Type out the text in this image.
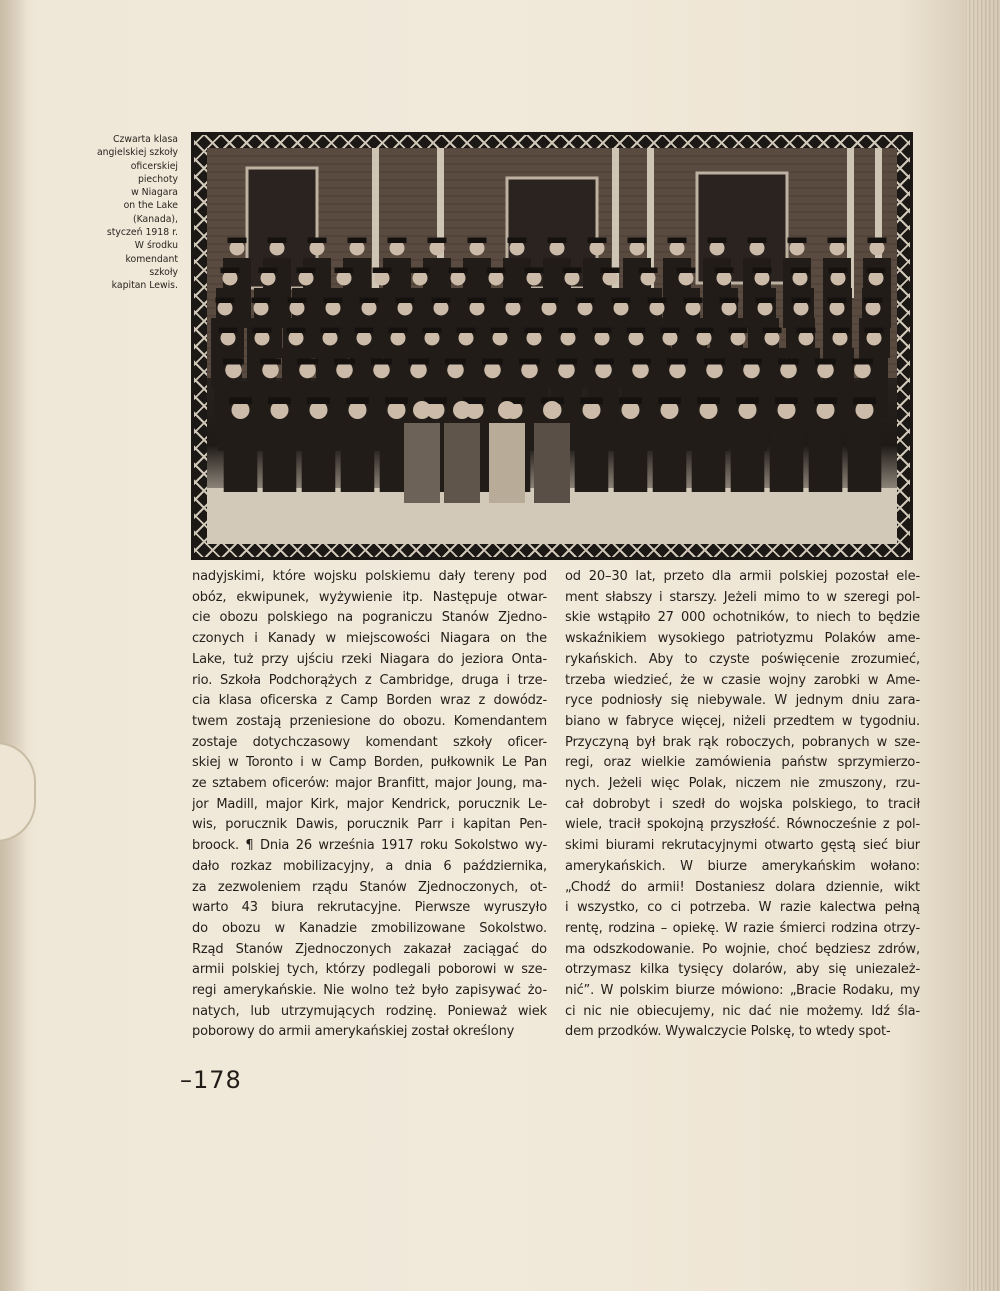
Czwarta klasa
angielskiej szkoły
oficerskiej
piechoty
w Niagara
on the Lake
(Kanada),
styczeń 1918 r.
W środku
komendant
szkoły
kapitan Lewis.
nadyjskimi, które wojsku polskiemu dały tereny pod
obóz, ekwipunek, wyżywienie itp. Następuje otwar-
cie obozu polskiego na pograniczu Stanów Zjedno-
czonych i Kanady w miejscowości Niagara on the
Lake, tuż przy ujściu rzeki Niagara do jeziora Onta-
rio. Szkoła Podchorążych z Cambridge, druga i trze-
cia klasa oficerska z Camp Borden wraz z dowódz-
twem zostają przeniesione do obozu. Komendantem
zostaje dotychczasowy komendant szkoły oficer-
skiej w Toronto i w Camp Borden, pułkownik Le Pan
ze sztabem oficerów: major Branfitt, major Joung, ma-
jor Madill, major Kirk, major Kendrick, porucznik Le-
wis, porucznik Dawis, porucznik Parr i kapitan Pen-
broock. ¶ Dnia 26 września 1917 roku Sokolstwo wy-
dało rozkaz mobilizacyjny, a dnia 6 października,
za zezwoleniem rządu Stanów Zjednoczonych, ot-
warto 43 biura rekrutacyjne. Pierwsze wyruszyło
do obozu w Kanadzie zmobilizowane Sokolstwo.
Rząd Stanów Zjednoczonych zakazał zaciągać do
armii polskiej tych, którzy podlegali poborowi w sze-
regi amerykańskie. Nie wolno też było zapisywać żo-
natych, lub utrzymujących rodzinę. Ponieważ wiek
poborowy do armii amerykańskiej został określony
od 20–30 lat, przeto dla armii polskiej pozostał ele-
ment słabszy i starszy. Jeżeli mimo to w szeregi pol-
skie wstąpiło 27 000 ochotników, to niech to będzie
wskaźnikiem wysokiego patriotyzmu Polaków ame-
rykańskich. Aby to czyste poświęcenie zrozumieć,
trzeba wiedzieć, że w czasie wojny zarobki w Ame-
ryce podniosły się niebywale. W jednym dniu zara-
biano w fabryce więcej, niżeli przedtem w tygodniu.
Przyczyną był brak rąk roboczych, pobranych w sze-
regi, oraz wielkie zamówienia państw sprzymierzo-
nych. Jeżeli więc Polak, niczem nie zmuszony, rzu-
cał dobrobyt i szedł do wojska polskiego, to tracił
wiele, tracił spokojną przyszłość. Równocześnie z pol-
skimi biurami rekrutacyjnymi otwarto gęstą sieć biur
amerykańskich. W biurze amerykańskim wołano:
„Chodź do armii! Dostaniesz dolara dziennie, wikt
i wszystko, co ci potrzeba. W razie kalectwa pełną
rentę, rodzina – opiekę. W razie śmierci rodzina otrzy-
ma odszkodowanie. Po wojnie, choć będziesz zdrów,
otrzymasz kilka tysięcy dolarów, aby się uniezależ-
nić”. W polskim biurze mówiono: „Bracie Rodaku, my
ci nic nie obiecujemy, nic dać nie możemy. Idź śla-
dem przodków. Wywalczycie Polskę, to wtedy spot-
–178
